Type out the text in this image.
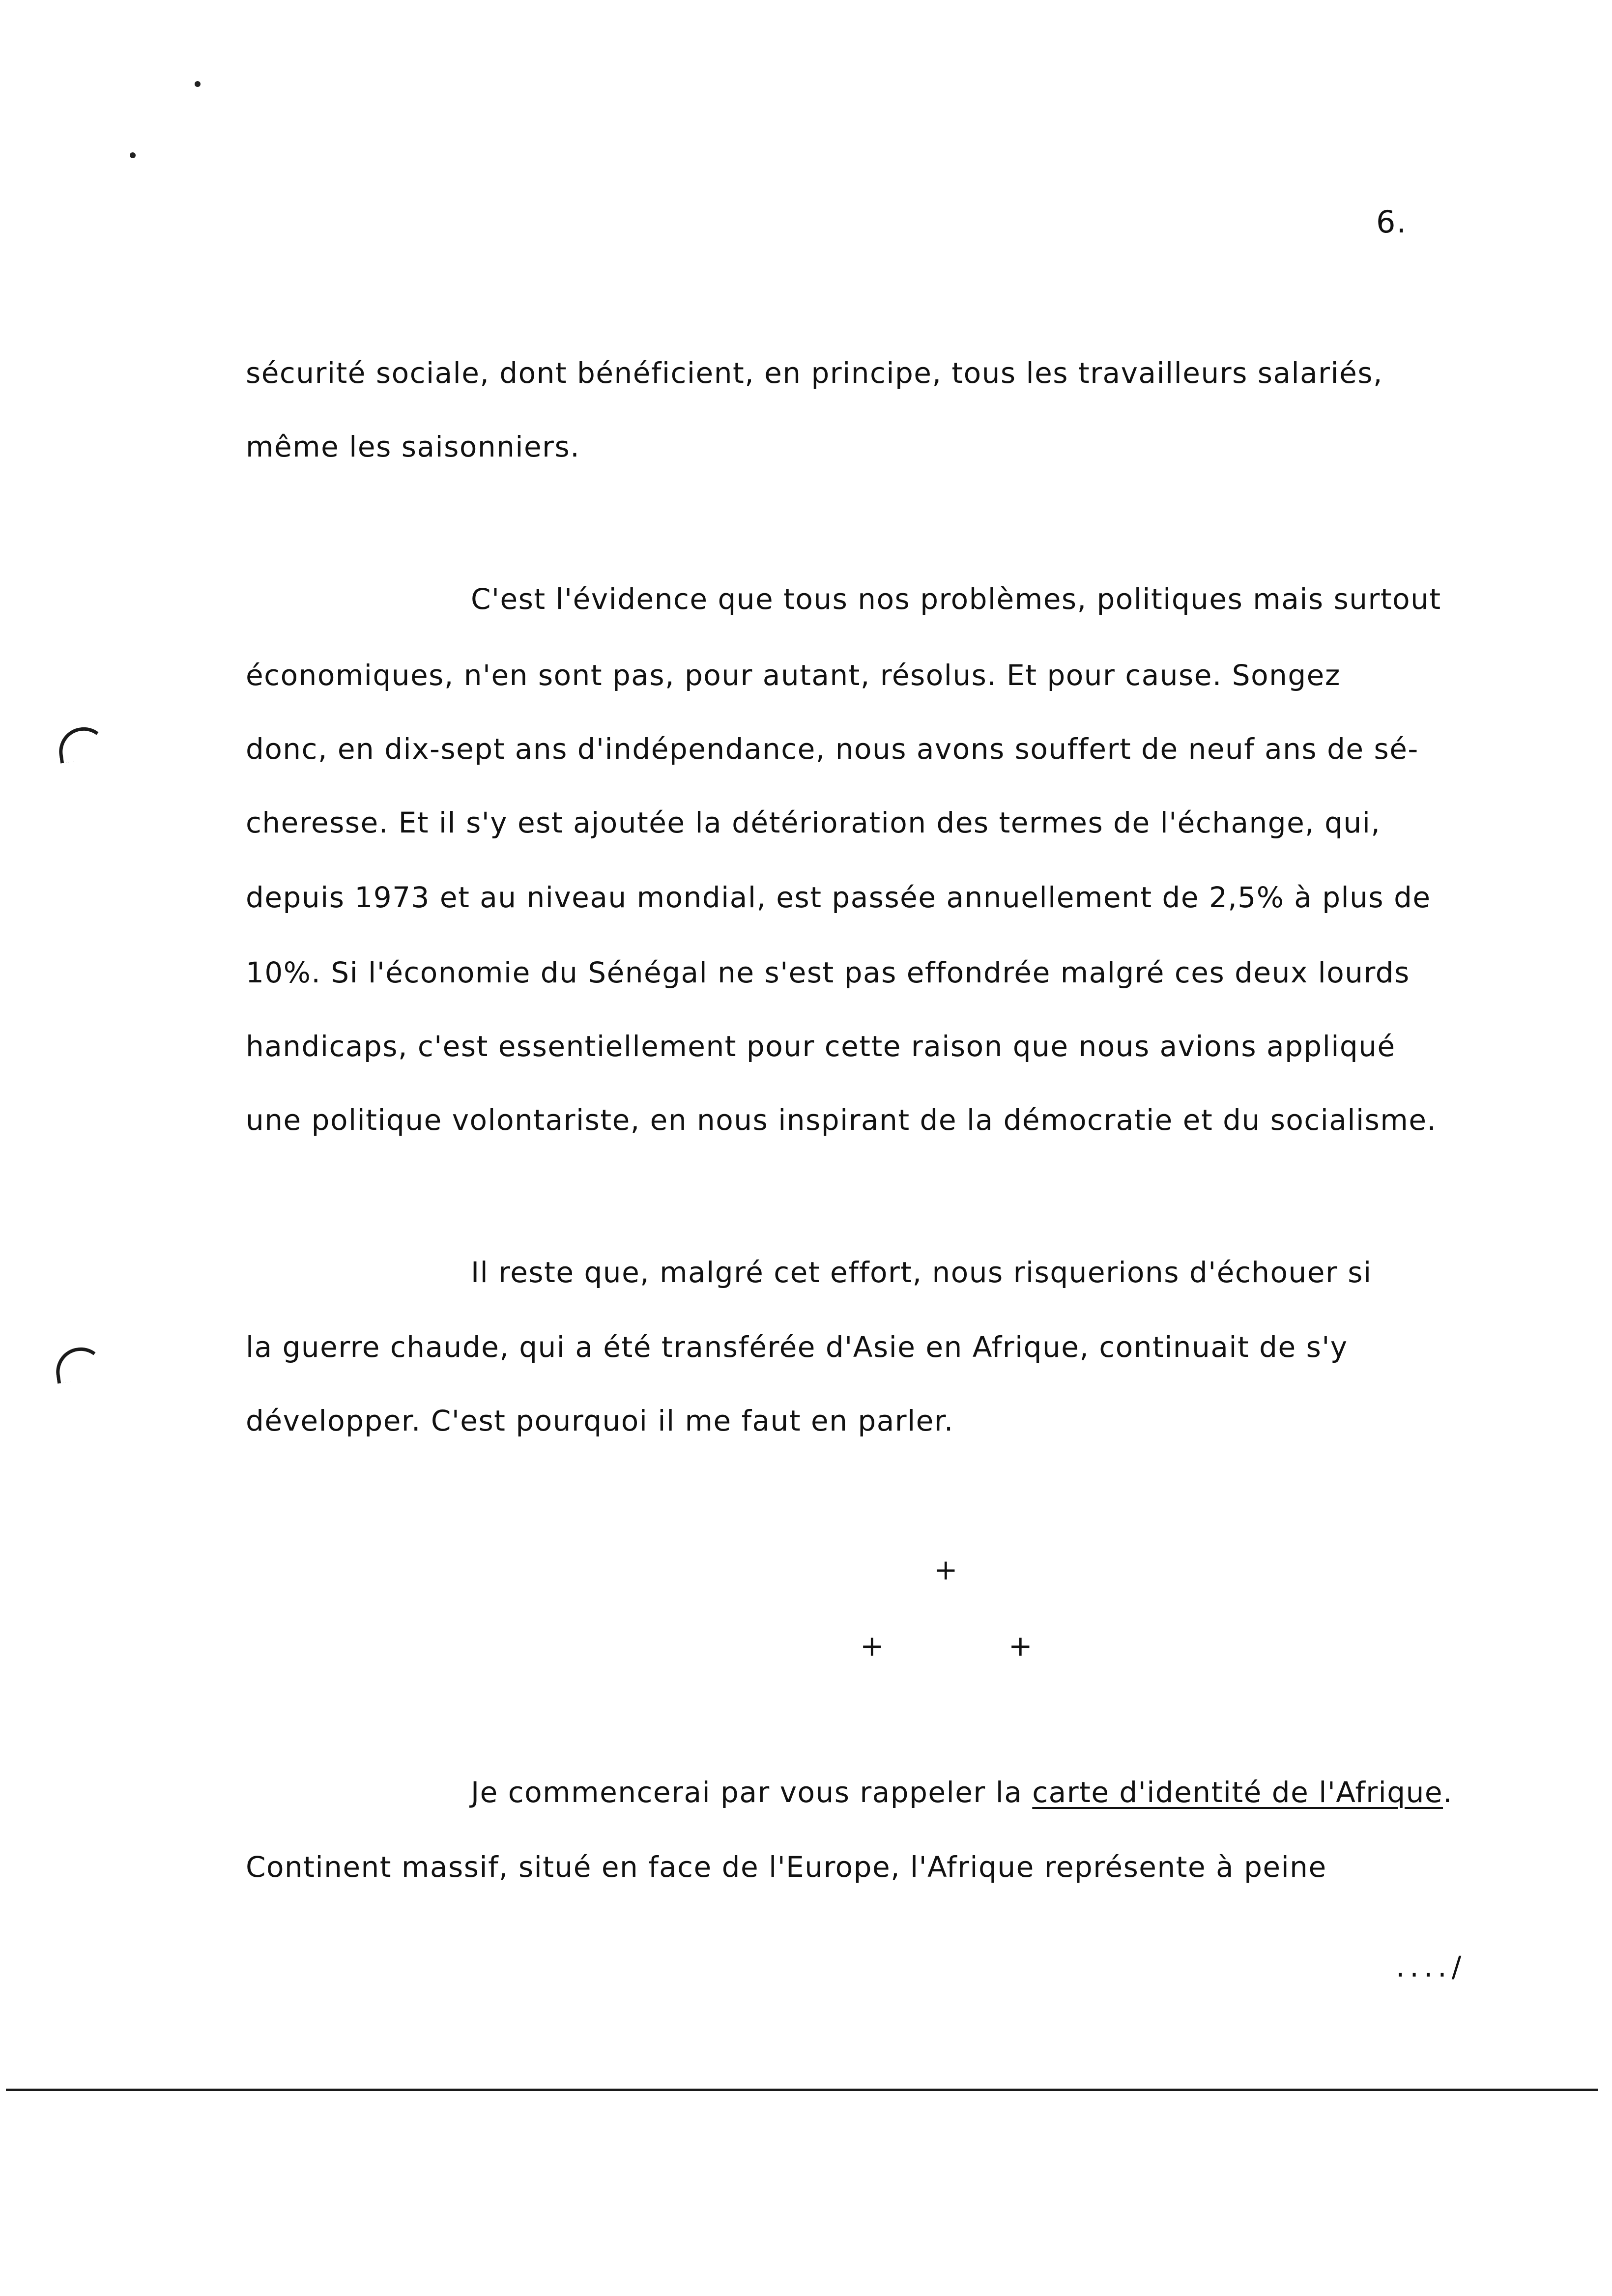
6.
sécurité sociale, dont bénéficient, en principe, tous les travailleurs salariés,
même les saisonniers.
C'est l'évidence que tous nos problèmes, politiques mais surtout
économiques, n'en sont pas, pour autant, résolus. Et pour cause. Songez
donc, en dix-sept ans d'indépendance, nous avons souffert de neuf ans de sé-
cheresse. Et il s'y est ajoutée la détérioration des termes de l'échange, qui,
depuis 1973 et au niveau mondial, est passée annuellement de 2,5% à plus de
10%. Si l'économie du Sénégal ne s'est pas effondrée malgré ces deux lourds
handicaps, c'est essentiellement pour cette raison que nous avions appliqué
une politique volontariste, en nous inspirant de la démocratie et du socialisme.
Il reste que, malgré cet effort, nous risquerions d'échouer si
la guerre chaude, qui a été transférée d'Asie en Afrique, continuait de s'y
développer. C'est pourquoi il me faut en parler.
+
+	+
Je commencerai par vous rappeler la carte d'identité de l'Afrique.
Continent massif, situé en face de l'Europe, l'Afrique représente à peine
..../
